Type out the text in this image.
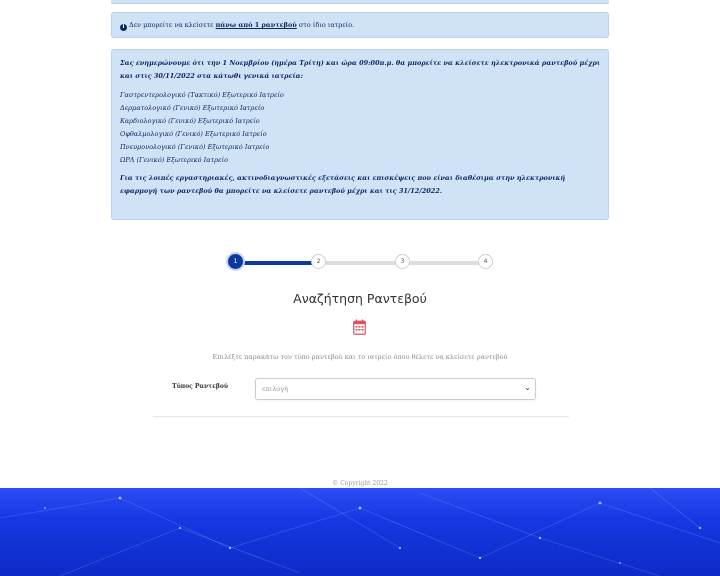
i Δεν μπορείτε να κλείσετε πάνω από 1 ραντεβού στο ίδιο ιατρείο.
Σας ενημερώνουμε ότι την 1 Νοεμβρίου (ημέρα Τρίτη) και ώρα 09:00π.μ. θα μπορείτε να κλείσετε ηλεκτρονικά ραντεβού μέχρι και στις 30/11/2022 στα κάτωθι γενικά ιατρεία:
Γαστρεντερολογικό (Τακτικό) Εξωτερικό Ιατρείο
Δερματολογικό (Γενικό) Εξωτερικό Ιατρείο
Καρδιολογικό (Γενικό) Εξωτερικό Ιατρείο
Οφθαλμολογικό (Γενικό) Εξωτερικό Ιατρείο
Πνευμονολογικό (Γενικό) Εξωτερικό Ιατρείο
ΩΡΛ (Γενικό) Εξωτερικό Ιατρείο
Για τις λοιπές εργαστηριακές, ακτινοδιαγνωστικές εξετάσεις και επισκέψεις που είναι διαθέσιμα στην ηλεκτρονική εφαρμογή των ραντεβού θα μπορείτε να κλείσετε ραντεβού μέχρι και τις 31/12/2022.
1	2	3	4
Αναζήτηση Ραντεβού
Επιλέξτε παρακάτω τον τύπο ραντεβού και το ιατρείο όπου θέλετε να κλείσετε ραντεβού
Τύπος Ραντεβού	επιλογή	⌄
© Copyright 2022
